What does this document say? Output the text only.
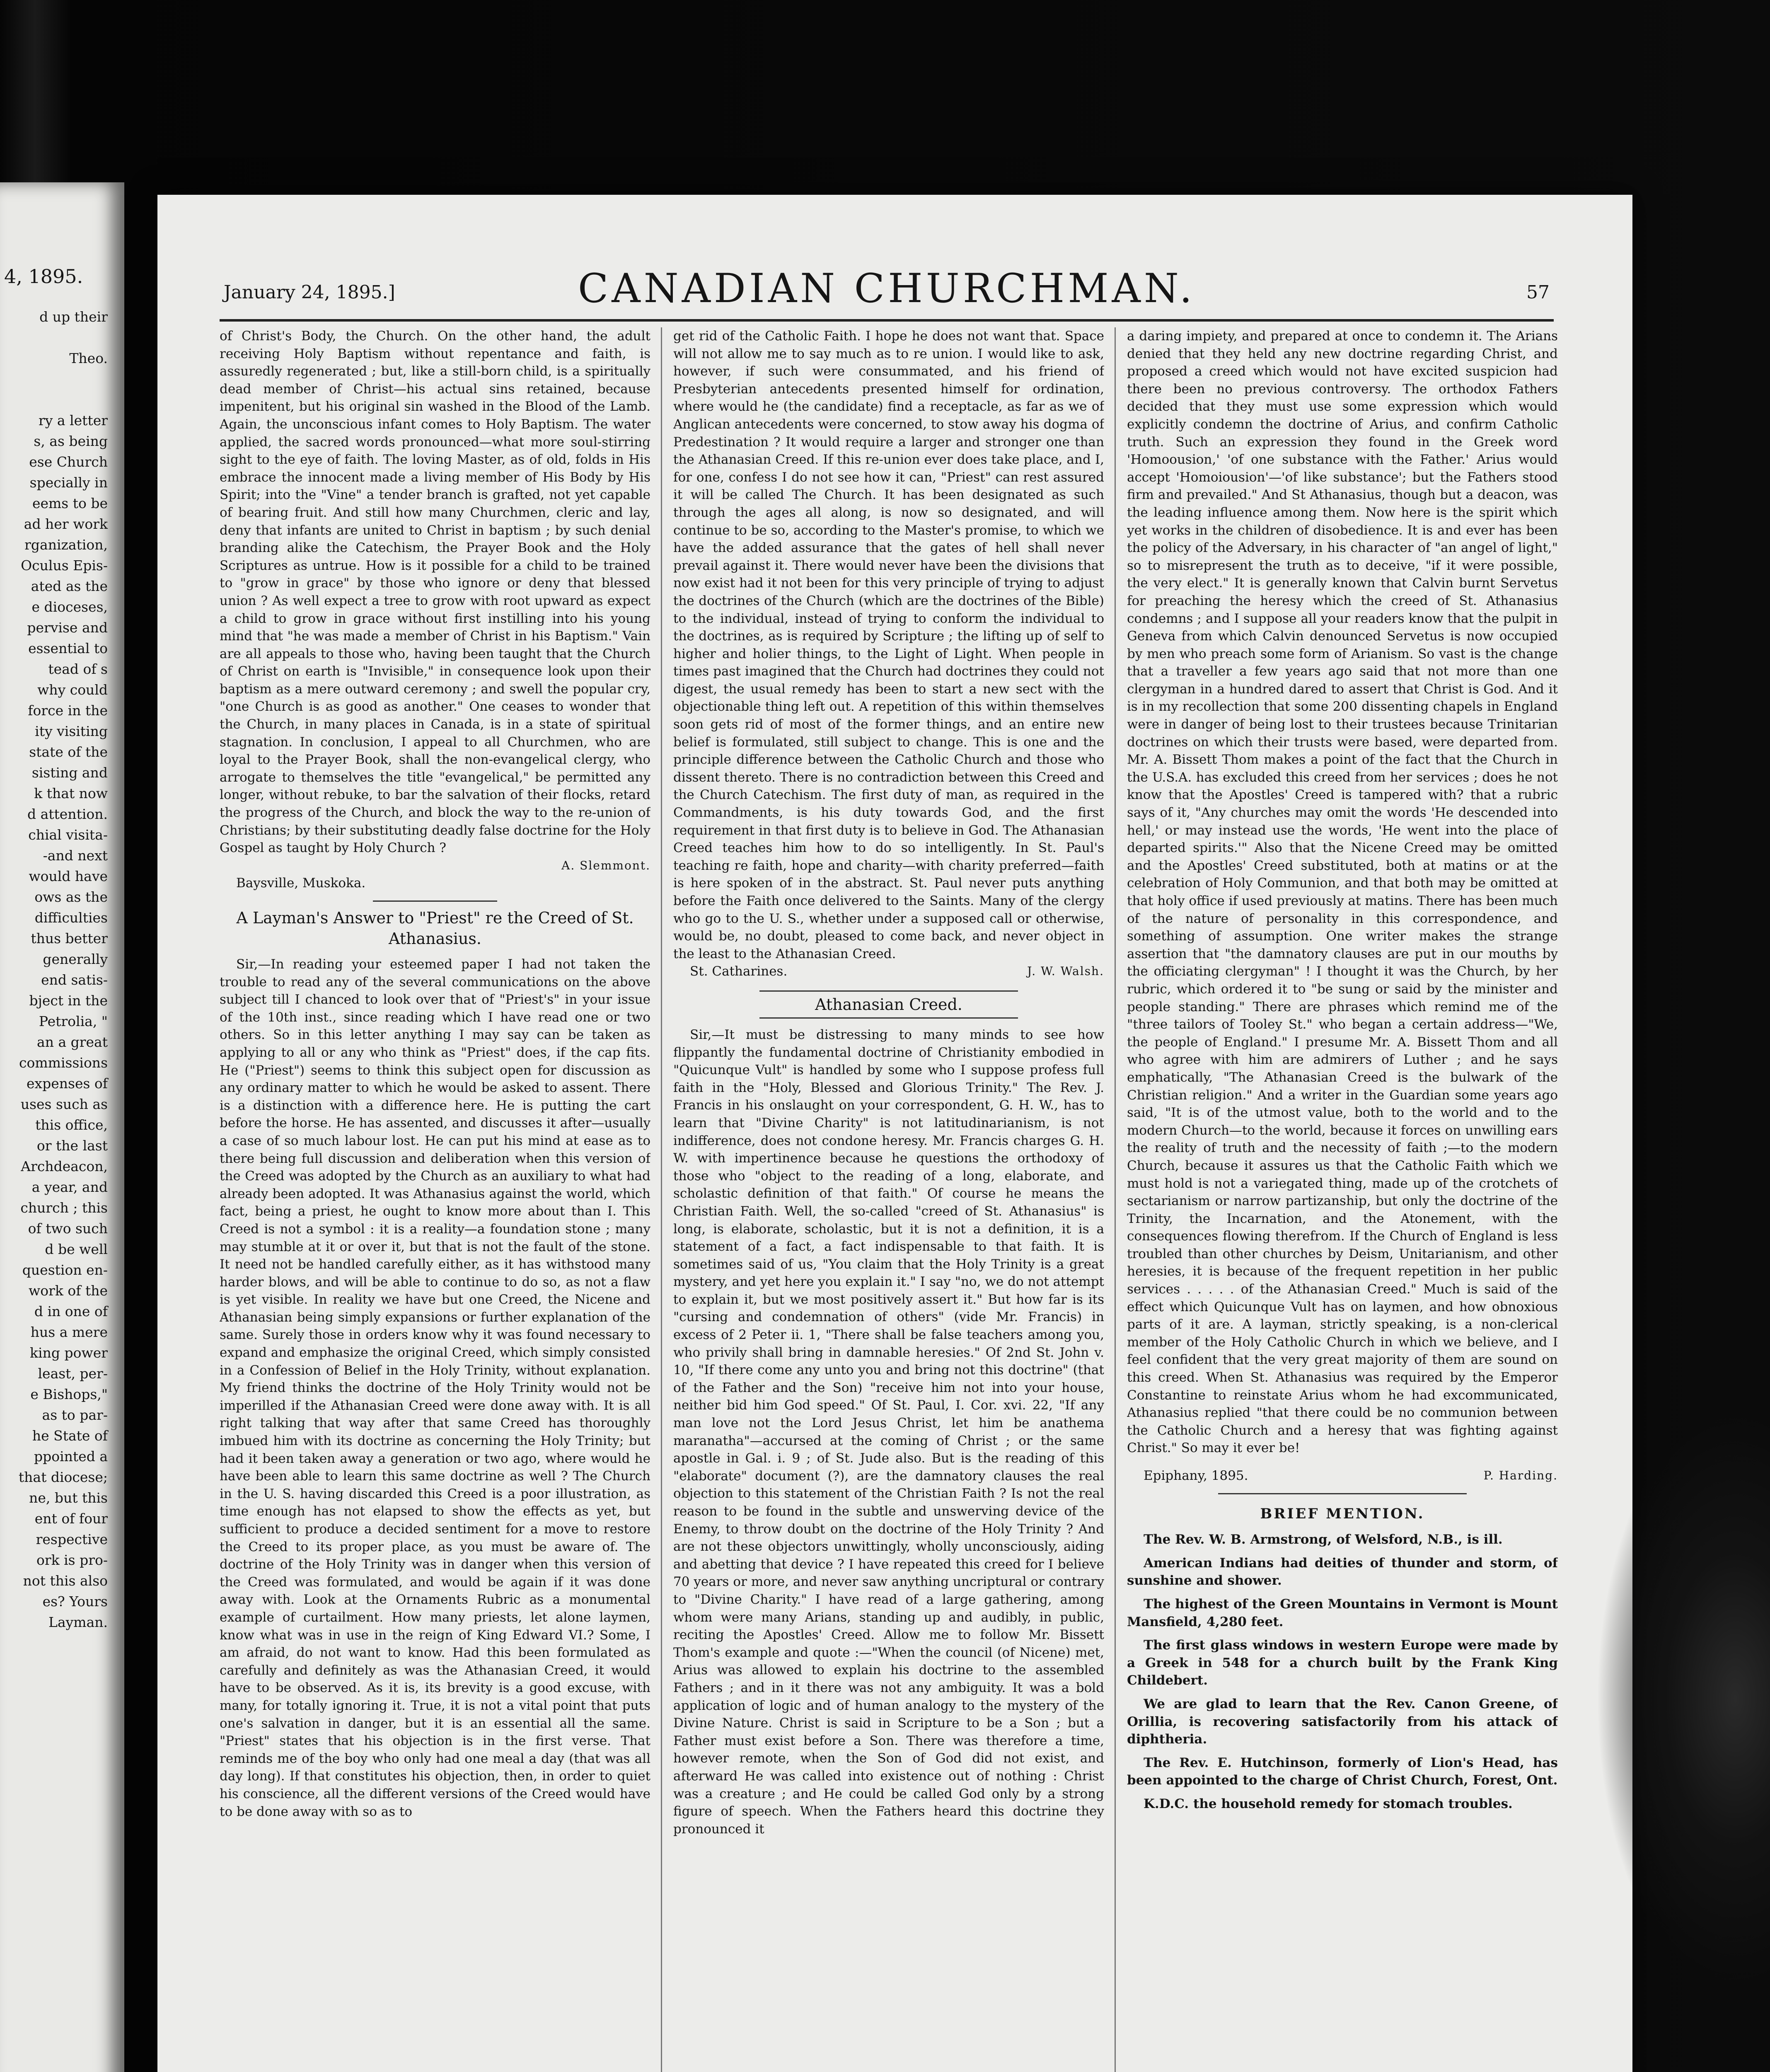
4, 1895.
d up their
Theo.
ry a letter
s, as being
ese Church
specially in
eems to be
ad her work
rganization,
Oculus Epis-
ated as the
e dioceses,
pervise and
essential to
tead of s
why could
force in the
ity visiting
state of the
sisting and
k that now
d attention.
chial visita-
-and next
would have
ows as the
difficulties
thus better
generally
end satis-
bject in the
Petrolia, "
an a great
commissions
expenses of
uses such as
this office,
or the last
Archdeacon,
a year, and
church ; this
of two such
d be well
question en-
work of the
d in one of
hus a mere
king power
least, per-
e Bishops,"
as to par-
he State of
ppointed a
that diocese;
ne, but this
ent of four
respective
ork is pro-
not this also
es? Yours
Layman.
January 24, 1895.]	CANADIAN CHURCHMAN.	57

of Christ's Body, the Church. On the other hand, the adult receiving Holy Baptism without repentance and faith, is assuredly regenerated ; but, like a still-born child, is a spiritually dead member of Christ—his actual sins retained, because impenitent, but his original sin washed in the Blood of the Lamb. Again, the unconscious infant comes to Holy Baptism. The water applied, the sacred words pronounced—what more soul-stirring sight to the eye of faith. The loving Master, as of old, folds in His embrace the innocent made a living member of His Body by His Spirit; into the "Vine" a tender branch is grafted, not yet capable of bearing fruit. And still how many Churchmen, cleric and lay, deny that infants are united to Christ in baptism ; by such denial branding alike the Catechism, the Prayer Book and the Holy Scriptures as untrue. How is it possible for a child to be trained to "grow in grace" by those who ignore or deny that blessed union ? As well expect a tree to grow with root upward as expect a child to grow in grace without first instilling into his young mind that "he was made a member of Christ in his Baptism." Vain are all appeals to those who, having been taught that the Church of Christ on earth is "Invisible," in consequence look upon their baptism as a mere outward ceremony ; and swell the popular cry, "one Church is as good as another." One ceases to wonder that the Church, in many places in Canada, is in a state of spiritual stagnation. In conclusion, I appeal to all Churchmen, who are loyal to the Prayer Book, shall the non-evangelical clergy, who arrogate to themselves the title "evangelical," be permitted any longer, without rebuke, to bar the salvation of their flocks, retard the progress of the Church, and block the way to the re-union of Christians; by their substituting deadly false doctrine for the Holy Gospel as taught by Holy Church ?

A. Slemmont.

Baysville, Muskoka.

A Layman's Answer to "Priest" re the Creed of St. Athanasius.

Sir,—In reading your esteemed paper I had not taken the trouble to read any of the several communications on the above subject till I chanced to look over that of "Priest's" in your issue of the 10th inst., since reading which I have read one or two others. So in this letter anything I may say can be taken as applying to all or any who think as "Priest" does, if the cap fits. He ("Priest") seems to think this subject open for discussion as any ordinary matter to which he would be asked to assent. There is a distinction with a difference here. He is putting the cart before the horse. He has assented, and discusses it after—usually a case of so much labour lost. He can put his mind at ease as to there being full discussion and deliberation when this version of the Creed was adopted by the Church as an auxiliary to what had already been adopted. It was Athanasius against the world, which fact, being a priest, he ought to know more about than I. This Creed is not a symbol : it is a reality—a foundation stone ; many may stumble at it or over it, but that is not the fault of the stone. It need not be handled carefully either, as it has withstood many harder blows, and will be able to continue to do so, as not a flaw is yet visible. In reality we have but one Creed, the Nicene and Athanasian being simply expansions or further explanation of the same. Surely those in orders know why it was found necessary to expand and emphasize the original Creed, which simply consisted in a Confession of Belief in the Holy Trinity, without explanation. My friend thinks the doctrine of the Holy Trinity would not be imperilled if the Athanasian Creed were done away with. It is all right talking that way after that same Creed has thoroughly imbued him with its doctrine as concerning the Holy Trinity; but had it been taken away a generation or two ago, where would he have been able to learn this same doctrine as well ? The Church in the U. S. having discarded this Creed is a poor illustration, as time enough has not elapsed to show the effects as yet, but sufficient to produce a decided sentiment for a move to restore the Creed to its proper place, as you must be aware of. The doctrine of the Holy Trinity was in danger when this version of the Creed was formulated, and would be again if it was done away with. Look at the Ornaments Rubric as a monumental example of curtailment. How many priests, let alone laymen, know what was in use in the reign of King Edward VI.? Some, I am afraid, do not want to know. Had this been formulated as carefully and definitely as was the Athanasian Creed, it would have to be observed. As it is, its brevity is a good excuse, with many, for totally ignoring it. True, it is not a vital point that puts one's salvation in danger, but it is an essential all the same. "Priest" states that his objection is in the first verse. That reminds me of the boy who only had one meal a day (that was all day long). If that constitutes his objection, then, in order to quiet his conscience, all the different versions of the Creed would have to be done away with so as to

get rid of the Catholic Faith. I hope he does not want that. Space will not allow me to say much as to re union. I would like to ask, however, if such were consummated, and his friend of Presbyterian antecedents presented himself for ordination, where would he (the candidate) find a receptacle, as far as we of Anglican antecedents were concerned, to stow away his dogma of Predestination ? It would require a larger and stronger one than the Athanasian Creed. If this re-union ever does take place, and I, for one, confess I do not see how it can, "Priest" can rest assured it will be called The Church. It has been designated as such through the ages all along, is now so designated, and will continue to be so, according to the Master's promise, to which we have the added assurance that the gates of hell shall never prevail against it. There would never have been the divisions that now exist had it not been for this very principle of trying to adjust the doctrines of the Church (which are the doctrines of the Bible) to the individual, instead of trying to conform the individual to the doctrines, as is required by Scripture ; the lifting up of self to higher and holier things, to the Light of Light. When people in times past imagined that the Church had doctrines they could not digest, the usual remedy has been to start a new sect with the objectionable thing left out. A repetition of this within themselves soon gets rid of most of the former things, and an entire new belief is formulated, still subject to change. This is one and the principle difference between the Catholic Church and those who dissent thereto. There is no contradiction between this Creed and the Church Catechism. The first duty of man, as required in the Commandments, is his duty towards God, and the first requirement in that first duty is to believe in God. The Athanasian Creed teaches him how to do so intelligently. In St. Paul's teaching re faith, hope and charity—with charity preferred—faith is here spoken of in the abstract. St. Paul never puts anything before the Faith once delivered to the Saints. Many of the clergy who go to the U. S., whether under a supposed call or otherwise, would be, no doubt, pleased to come back, and never object in the least to the Athanasian Creed.

St. Catharines.	J. W. Walsh.
Athanasian Creed.

Sir,—It must be distressing to many minds to see how flippantly the fundamental doctrine of Christianity embodied in "Quicunque Vult" is handled by some who I suppose profess full faith in the "Holy, Blessed and Glorious Trinity." The Rev. J. Francis in his onslaught on your correspondent, G. H. W., has to learn that "Divine Charity" is not latitudinarianism, is not indifference, does not condone heresy. Mr. Francis charges G. H. W. with impertinence because he questions the orthodoxy of those who "object to the reading of a long, elaborate, and scholastic definition of that faith." Of course he means the Christian Faith. Well, the so-called "creed of St. Athanasius" is long, is elaborate, scholastic, but it is not a definition, it is a statement of a fact, a fact indispensable to that faith. It is sometimes said of us, "You claim that the Holy Trinity is a great mystery, and yet here you explain it." I say "no, we do not attempt to explain it, but we most positively assert it." But how far is its "cursing and condemnation of others" (vide Mr. Francis) in excess of 2 Peter ii. 1, "There shall be false teachers among you, who privily shall bring in damnable heresies." Of 2nd St. John v. 10, "If there come any unto you and bring not this doctrine" (that of the Father and the Son) "receive him not into your house, neither bid him God speed." Of St. Paul, I. Cor. xvi. 22, "If any man love not the Lord Jesus Christ, let him be anathema maranatha"—accursed at the coming of Christ ; or the same apostle in Gal. i. 9 ; of St. Jude also. But is the reading of this "elaborate" document (?), are the damnatory clauses the real objection to this statement of the Christian Faith ? Is not the real reason to be found in the subtle and unswerving device of the Enemy, to throw doubt on the doctrine of the Holy Trinity ? And are not these objectors unwittingly, wholly unconsciously, aiding and abetting that device ? I have repeated this creed for I believe 70 years or more, and never saw anything uncriptural or contrary to "Divine Charity." I have read of a large gathering, among whom were many Arians, standing up and audibly, in public, reciting the Apostles' Creed. Allow me to follow Mr. Bissett Thom's example and quote :—"When the council (of Nicene) met, Arius was allowed to explain his doctrine to the assembled Fathers ; and in it there was not any ambiguity. It was a bold application of logic and of human analogy to the mystery of the Divine Nature. Christ is said in Scripture to be a Son ; but a Father must exist before a Son. There was therefore a time, however remote, when the Son of God did not exist, and afterward He was called into existence out of nothing : Christ was a creature ; and He could be called God only by a strong figure of speech. When the Fathers heard this doctrine they pronounced it

a daring impiety, and prepared at once to condemn it. The Arians denied that they held any new doctrine regarding Christ, and proposed a creed which would not have excited suspicion had there been no previous controversy. The orthodox Fathers decided that they must use some expression which would explicitly condemn the doctrine of Arius, and confirm Catholic truth. Such an expression they found in the Greek word 'Homoousion,' 'of one substance with the Father.' Arius would accept 'Homoiousion'—'of like substance'; but the Fathers stood firm and prevailed." And St Athanasius, though but a deacon, was the leading influence among them. Now here is the spirit which yet works in the children of disobedience. It is and ever has been the policy of the Adversary, in his character of "an angel of light," so to misrepresent the truth as to deceive, "if it were possible, the very elect." It is generally known that Calvin burnt Servetus for preaching the heresy which the creed of St. Athanasius condemns ; and I suppose all your readers know that the pulpit in Geneva from which Calvin denounced Servetus is now occupied by men who preach some form of Arianism. So vast is the change that a traveller a few years ago said that not more than one clergyman in a hundred dared to assert that Christ is God. And it is in my recollection that some 200 dissenting chapels in England were in danger of being lost to their trustees because Trinitarian doctrines on which their trusts were based, were departed from. Mr. A. Bissett Thom makes a point of the fact that the Church in the U.S.A. has excluded this creed from her services ; does he not know that the Apostles' Creed is tampered with? that a rubric says of it, "Any churches may omit the words 'He descended into hell,' or may instead use the words, 'He went into the place of departed spirits.'" Also that the Nicene Creed may be omitted and the Apostles' Creed substituted, both at matins or at the celebration of Holy Communion, and that both may be omitted at that holy office if used previously at matins. There has been much of the nature of personality in this correspondence, and something of assumption. One writer makes the strange assertion that "the damnatory clauses are put in our mouths by the officiating clergyman" ! I thought it was the Church, by her rubric, which ordered it to "be sung or said by the minister and people standing." There are phrases which remind me of the "three tailors of Tooley St." who began a certain address—"We, the people of England." I presume Mr. A. Bissett Thom and all who agree with him are admirers of Luther ; and he says emphatically, "The Athanasian Creed is the bulwark of the Christian religion." And a writer in the Guardian some years ago said, "It is of the utmost value, both to the world and to the modern Church—to the world, because it forces on unwilling ears the reality of truth and the necessity of faith ;—to the modern Church, because it assures us that the Catholic Faith which we must hold is not a variegated thing, made up of the crotchets of sectarianism or narrow partizanship, but only the doctrine of the Trinity, the Incarnation, and the Atonement, with the consequences flowing therefrom. If the Church of England is less troubled than other churches by Deism, Unitarianism, and other heresies, it is because of the frequent repetition in her public services . . . . . of the Athanasian Creed." Much is said of the effect which Quicunque Vult has on laymen, and how obnoxious parts of it are. A layman, strictly speaking, is a non-clerical member of the Holy Catholic Church in which we believe, and I feel confident that the very great majority of them are sound on this creed. When St. Athanasius was required by the Emperor Constantine to reinstate Arius whom he had excommunicated, Athanasius replied "that there could be no communion between the Catholic Church and a heresy that was fighting against Christ." So may it ever be!

Epiphany, 1895.	P. Harding.
BRIEF MENTION.

The Rev. W. B. Armstrong, of Welsford, N.B., is ill.

American Indians had deities of thunder and storm, of sunshine and shower.

The highest of the Green Mountains in Vermont is Mount Mansfield, 4,280 feet.

The first glass windows in western Europe were made by a Greek in 548 for a church built by the Frank King Childebert.

We are glad to learn that the Rev. Canon Greene, of Orillia, is recovering satisfactorily from his attack of diphtheria.

The Rev. E. Hutchinson, formerly of Lion's Head, has been appointed to the charge of Christ Church, Forest, Ont.

K.D.C. the household remedy for stomach troubles.
